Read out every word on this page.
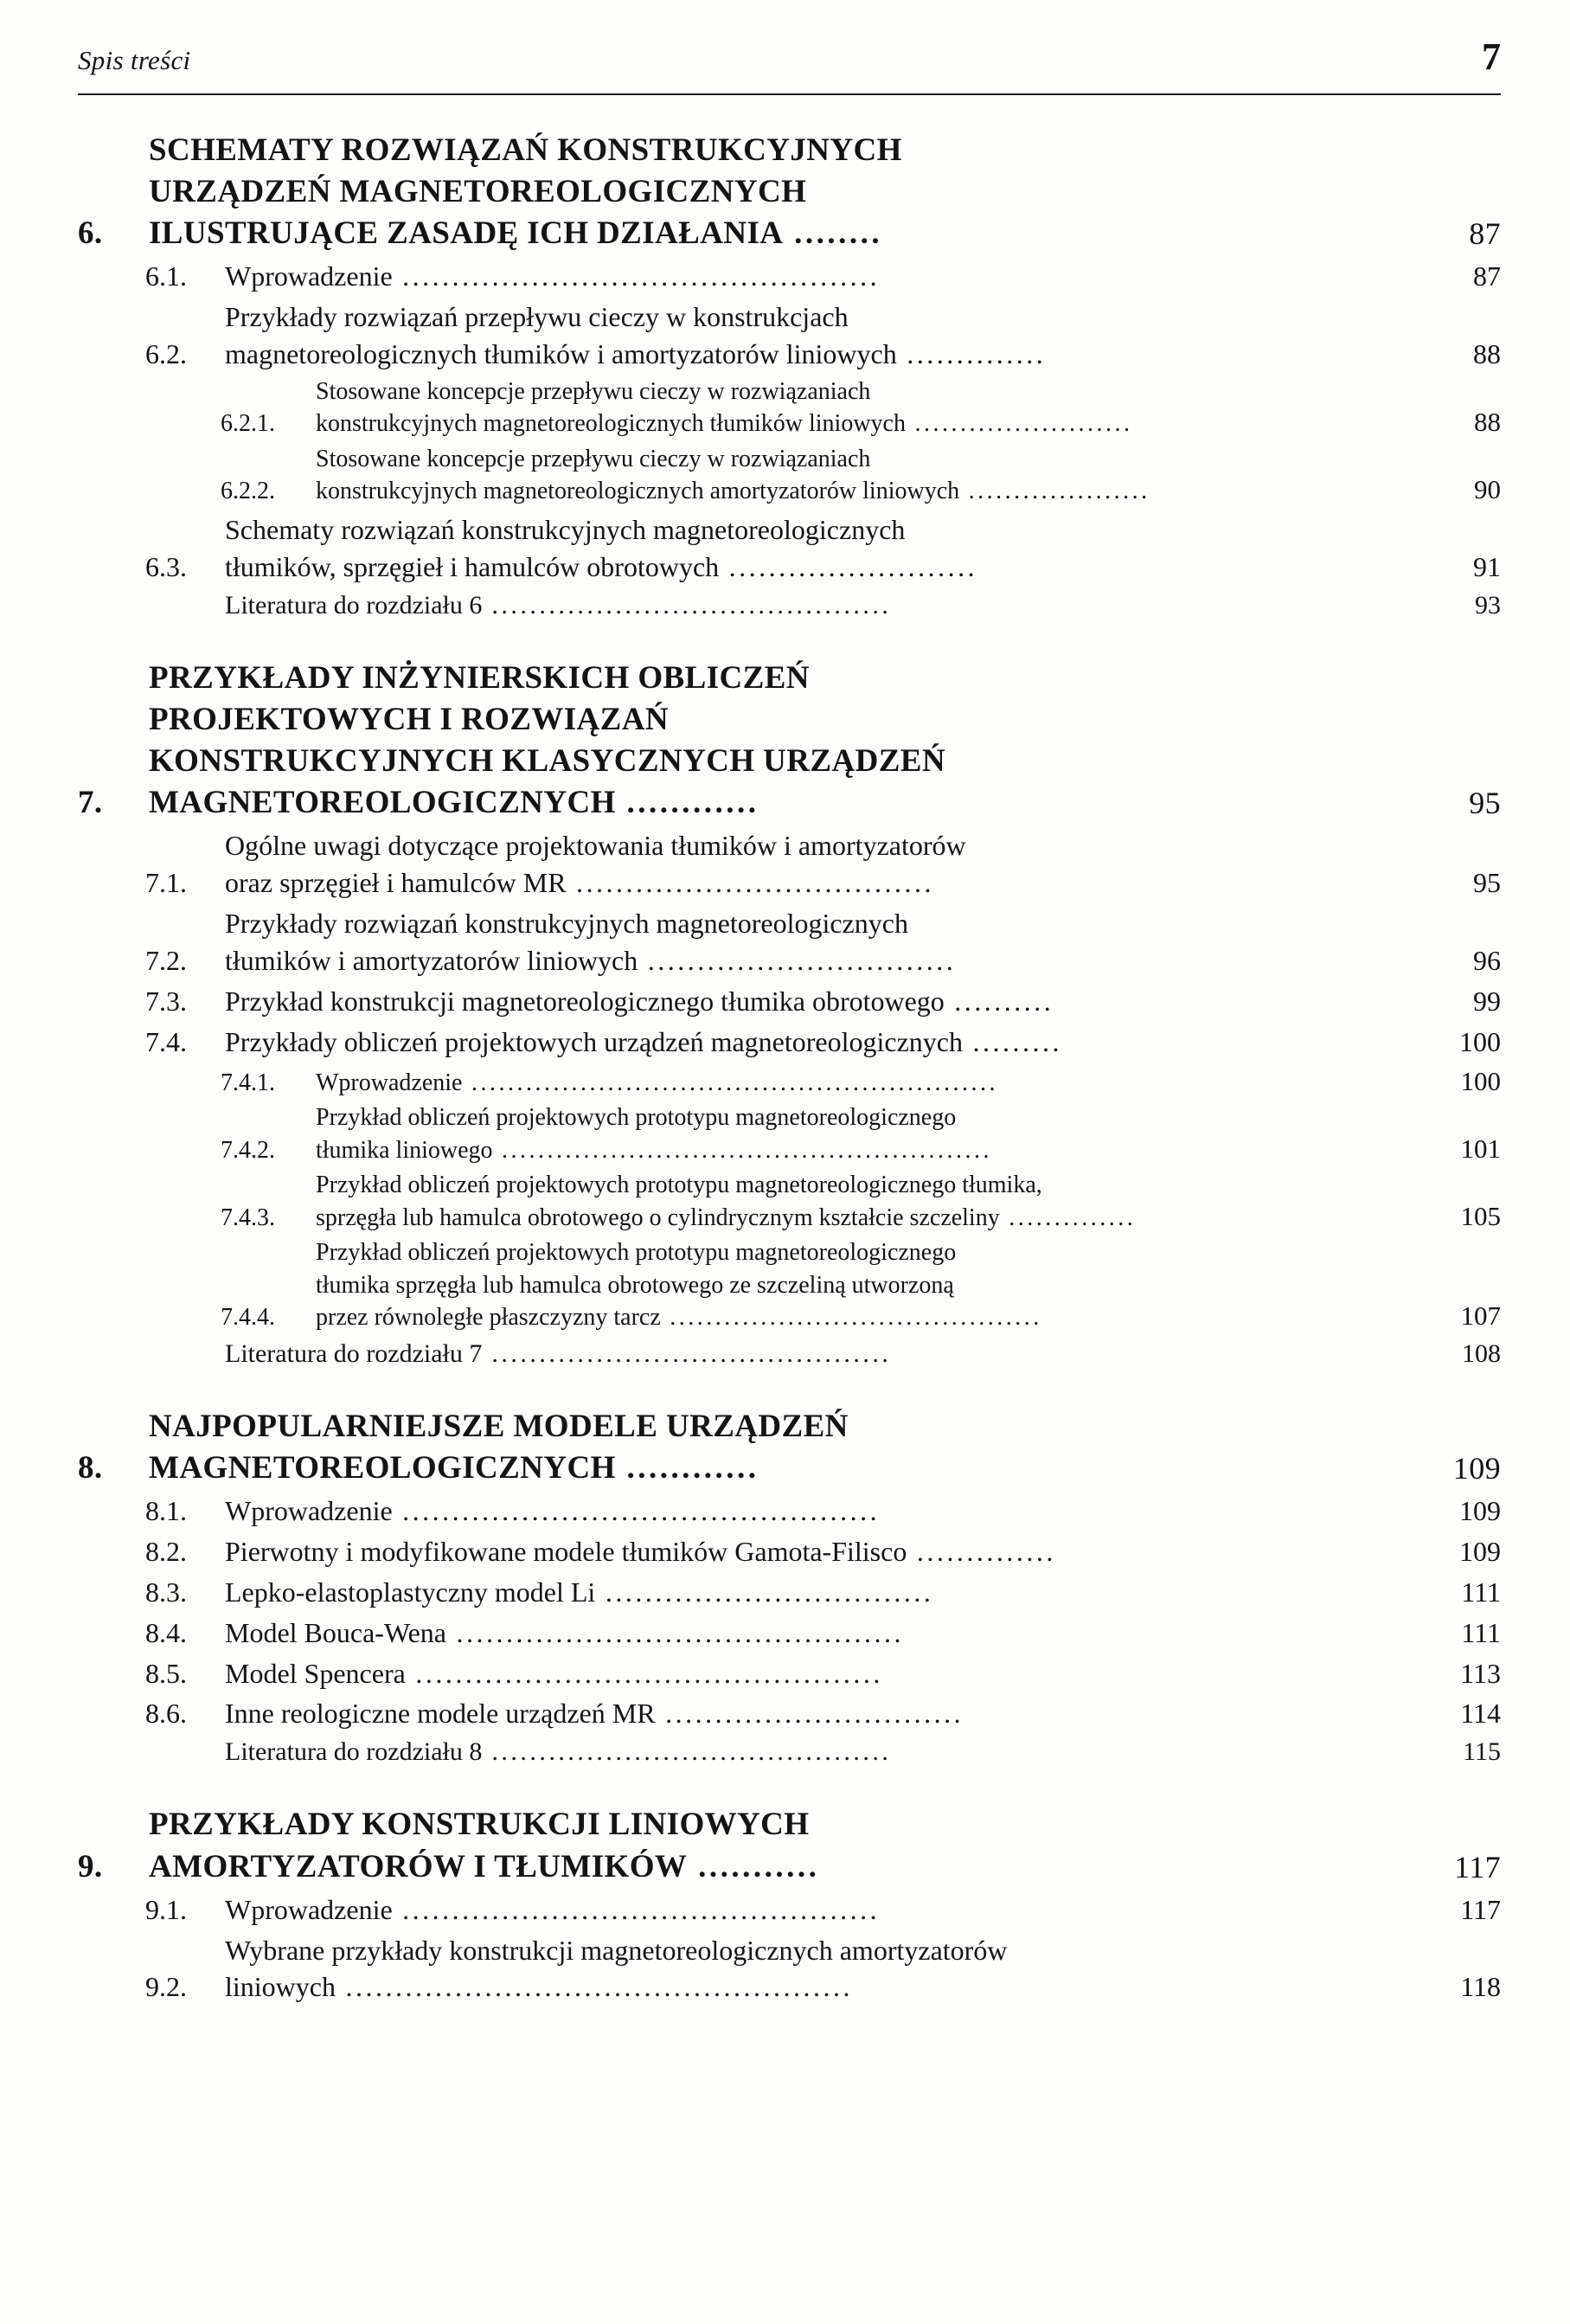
Spis treści	7
6.
SCHEMATY ROZWIĄZAŃ KONSTRUKCYJNYCH
URZĄDZEŃ MAGNETOREOLOGICZNYCH
ILUSTRUJĄCE ZASADĘ ICH DZIAŁANIA ........	87
6.1.	Wprowadzenie ................................................	87
6.2.
Przykłady rozwiązań przepływu cieczy w konstrukcjach
magnetoreologicznych tłumików i amortyzatorów liniowych ..............	88
6.2.1.
Stosowane koncepcje przepływu cieczy w rozwiązaniach
konstrukcyjnych magnetoreologicznych tłumików liniowych ........................	88
6.2.2.
Stosowane koncepcje przepływu cieczy w rozwiązaniach
konstrukcyjnych magnetoreologicznych amortyzatorów liniowych ....................	90
6.3.
Schematy rozwiązań konstrukcyjnych magnetoreologicznych
tłumików, sprzęgieł i hamulców obrotowych .........................	91
Literatura do rozdziału 6 ..........................................	93
7.
PRZYKŁADY INŻYNIERSKICH OBLICZEŃ
PROJEKTOWYCH I ROZWIĄZAŃ
KONSTRUKCYJNYCH KLASYCZNYCH URZĄDZEŃ
MAGNETOREOLOGICZNYCH ............	95
7.1.
Ogólne uwagi dotyczące projektowania tłumików i amortyzatorów
oraz sprzęgieł i hamulców MR ....................................	95
7.2.
Przykłady rozwiązań konstrukcyjnych magnetoreologicznych
tłumików i amortyzatorów liniowych ...............................	96
7.3.	Przykład konstrukcji magnetoreologicznego tłumika obrotowego ..........	99
7.4.	Przykłady obliczeń projektowych urządzeń magnetoreologicznych .........	100
7.4.1.	Wprowadzenie ..........................................................	100
7.4.2.
Przykład obliczeń projektowych prototypu magnetoreologicznego
tłumika liniowego ......................................................	101
7.4.3.
Przykład obliczeń projektowych prototypu magnetoreologicznego tłumika,
sprzęgła lub hamulca obrotowego o cylindrycznym kształcie szczeliny ..............	105
7.4.4.
Przykład obliczeń projektowych prototypu magnetoreologicznego
tłumika sprzęgła lub hamulca obrotowego ze szczeliną utworzoną
przez równoległe płaszczyzny tarcz .........................................	107
Literatura do rozdziału 7 ..........................................	108
8.
NAJPOPULARNIEJSZE MODELE URZĄDZEŃ
MAGNETOREOLOGICZNYCH ............	109
8.1.	Wprowadzenie ................................................	109
8.2.	Pierwotny i modyfikowane modele tłumików Gamota-Filisco ..............	109
8.3.	Lepko-elastoplastyczny model Li .................................	111
8.4.	Model Bouca-Wena .............................................	111
8.5.	Model Spencera ...............................................	113
8.6.	Inne reologiczne modele urządzeń MR ..............................	114
Literatura do rozdziału 8 ..........................................	115
9.
PRZYKŁADY KONSTRUKCJI LINIOWYCH
AMORTYZATORÓW I TŁUMIKÓW ...........	117
9.1.	Wprowadzenie ................................................	117
9.2.
Wybrane przykłady konstrukcji magnetoreologicznych amortyzatorów
liniowych ...................................................	118
